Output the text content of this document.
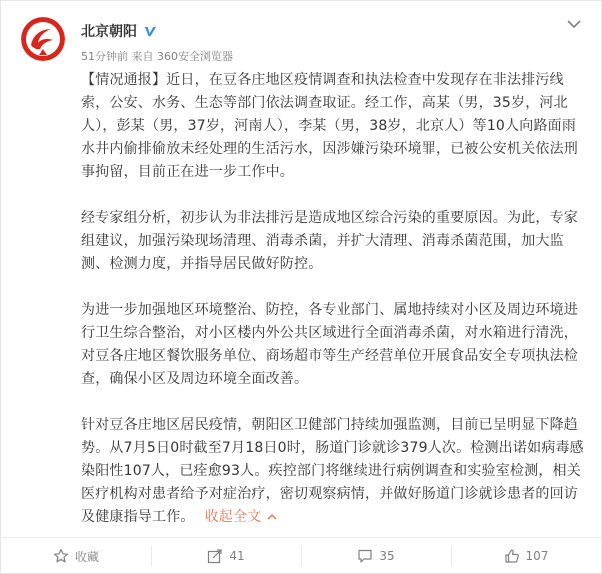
北京朝阳
51分钟前 来自 360安全浏览器

【情况通报】近日，在豆各庄地区疫情调查和执法检查中发现存在非法排污线索，公安、水务、生态等部门依法调查取证。经工作，高某（男，35岁，河北人），彭某（男，37岁，河南人），李某（男，38岁，北京人）等10人向路面雨水井内偷排偷放未经处理的生活污水，因涉嫌污染环境罪，已被公安机关依法刑事拘留，目前正在进一步工作中。

经专家组分析，初步认为非法排污是造成地区综合污染的重要原因。为此，专家组建议，加强污染现场清理、消毒杀菌，并扩大清理、消毒杀菌范围，加大监测、检测力度，并指导居民做好防控。

为进一步加强地区环境整治、防控，各专业部门、属地持续对小区及周边环境进行卫生综合整治，对小区楼内外公共区域进行全面消毒杀菌，对水箱进行清洗，对豆各庄地区餐饮服务单位、商场超市等生产经营单位开展食品安全专项执法检查，确保小区及周边环境全面改善。

针对豆各庄地区居民疫情，朝阳区卫健部门持续加强监测，目前已呈明显下降趋势。从7月5日0时截至7月18日0时，肠道门诊就诊379人次。检测出诺如病毒感染阳性107人，已痊愈93人。疾控部门将继续进行病例调查和实验室检测，相关医疗机构对患者给予对症治疗，密切观察病情，并做好肠道门诊就诊患者的回访及健康指导工作。 收起全文

收藏	41	35	107
